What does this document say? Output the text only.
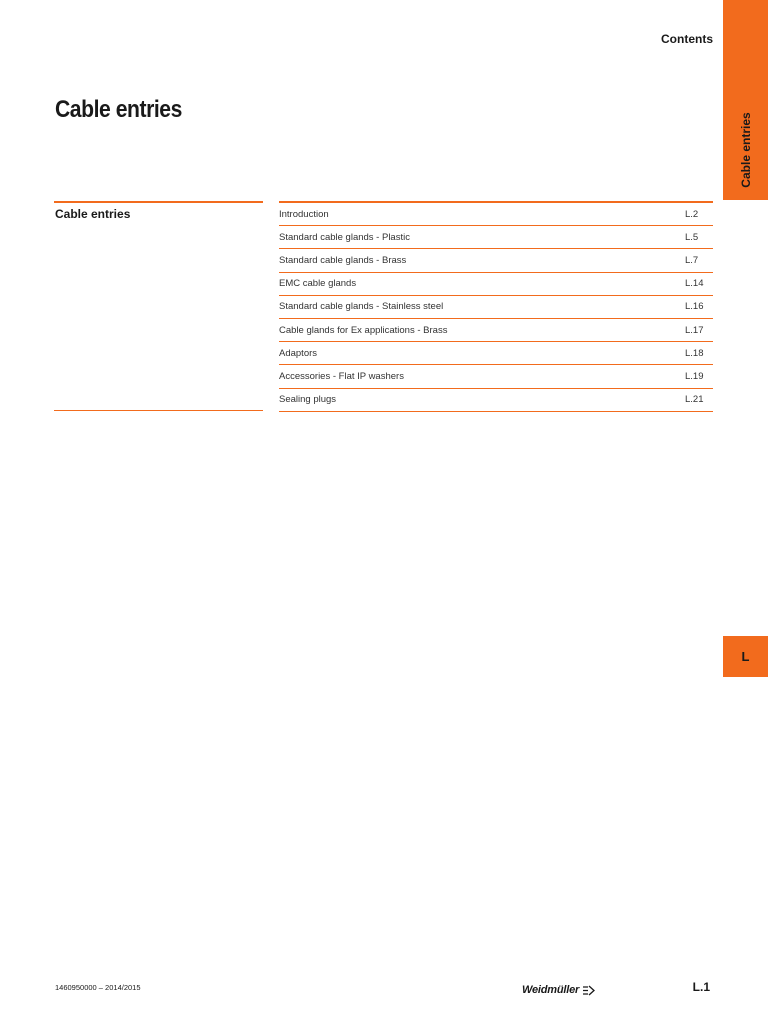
Contents
Cable entries
L
Cable entries
Cable entries	Introduction	L.2
Standard cable glands - Plastic	L.5
Standard cable glands - Brass	L.7
EMC cable glands	L.14
Standard cable glands - Stainless steel	L.16
Cable glands for Ex applications - Brass	L.17
Adaptors	L.18
Accessories - Flat IP washers	L.19
Sealing plugs	L.21
1460950000 – 2014/2015	Weidmüller	L.1
